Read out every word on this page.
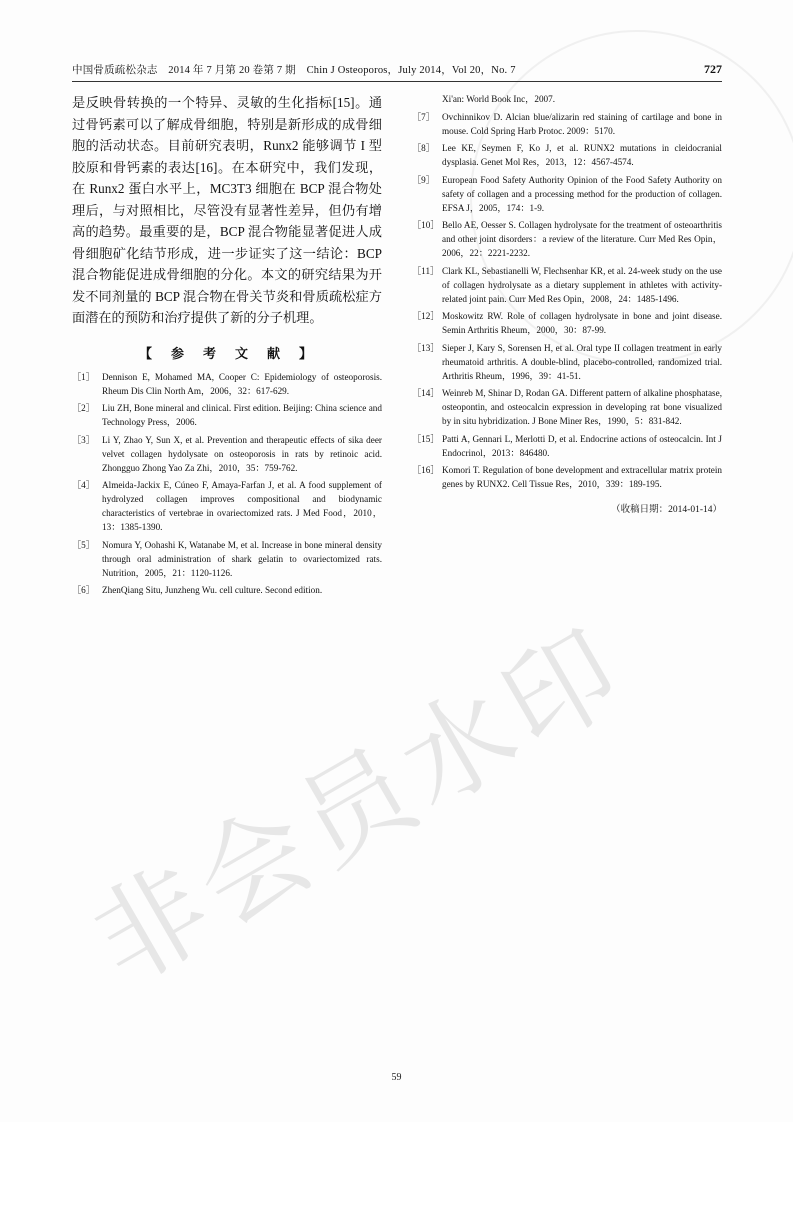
非会员水印
中国骨质疏松杂志　2014 年 7 月第 20 卷第 7 期　Chin J Osteoporos，July 2014，Vol 20，No. 7	727

是反映骨转换的一个特异、灵敏的生化指标[15]。通过骨钙素可以了解成骨细胞，特别是新形成的成骨细胞的活动状态。目前研究表明，Runx2 能够调节 I 型胶原和骨钙素的表达[16]。在本研究中，我们发现，在 Runx2 蛋白水平上，MC3T3 细胞在 BCP 混合物处理后，与对照相比，尽管没有显著性差异，但仍有增高的趋势。最重要的是，BCP 混合物能显著促进人成骨细胞矿化结节形成，进一步证实了这一结论：BCP 混合物能促进成骨细胞的分化。本文的研究结果为开发不同剂量的 BCP 混合物在骨关节炎和骨质疏松症方面潜在的预防和治疗提供了新的分子机理。

【　参　考　文　献　】
［1］ Dennison E, Mohamed MA, Cooper C: Epidemiology of osteoporosis. Rheum Dis Clin North Am，2006，32：617-629.
［2］ Liu ZH, Bone mineral and clinical. First edition. Beijing: China science and Technology Press，2006.
［3］ Li Y, Zhao Y, Sun X, et al. Prevention and therapeutic effects of sika deer velvet collagen hydolysate on osteoporosis in rats by retinoic acid. Zhongguo Zhong Yao Za Zhi，2010，35：759-762.
［4］ Almeida-Jackix E, Cúneo F, Amaya-Farfan J, et al. A food supplement of hydrolyzed collagen improves compositional and biodynamic characteristics of vertebrae in ovariectomized rats. J Med Food，2010，13：1385-1390.
［5］ Nomura Y, Oohashi K, Watanabe M, et al. Increase in bone mineral density through oral administration of shark gelatin to ovariectomized rats. Nutrition，2005，21：1120-1126.
［6］ ZhenQiang Situ, Junzheng Wu. cell culture. Second edition.
Xi'an: World Book Inc，2007.
［7］ Ovchinnikov D. Alcian blue/alizarin red staining of cartilage and bone in mouse. Cold Spring Harb Protoc. 2009：5170.
［8］ Lee KE, Seymen F, Ko J, et al. RUNX2 mutations in cleidocranial dysplasia. Genet Mol Res，2013，12：4567-4574.
［9］ European Food Safety Authority Opinion of the Food Safety Authority on safety of collagen and a processing method for the production of collagen. EFSA J，2005，174：1-9.
［10］ Bello AE, Oesser S. Collagen hydrolysate for the treatment of osteoarthritis and other joint disorders：a review of the literature. Curr Med Res Opin，2006，22：2221-2232.
［11］ Clark KL, Sebastianelli W, Flechsenhar KR, et al. 24-week study on the use of collagen hydrolysate as a dietary supplement in athletes with activity-related joint pain. Curr Med Res Opin，2008，24：1485-1496.
［12］ Moskowitz RW. Role of collagen hydrolysate in bone and joint disease. Semin Arthritis Rheum，2000，30：87-99.
［13］ Sieper J, Kary S, Sorensen H, et al. Oral type II collagen treatment in early rheumatoid arthritis. A double-blind, placebo-controlled, randomized trial. Arthritis Rheum，1996，39：41-51.
［14］ Weinreb M, Shinar D, Rodan GA. Different pattern of alkaline phosphatase, osteopontin, and osteocalcin expression in developing rat bone visualized by in situ hybridization. J Bone Miner Res，1990，5：831-842.
［15］ Patti A, Gennari L, Merlotti D, et al. Endocrine actions of osteocalcin. Int J Endocrinol，2013：846480.
［16］ Komori T. Regulation of bone development and extracellular matrix protein genes by RUNX2. Cell Tissue Res，2010，339：189-195.
（收稿日期：2014-01-14）
59
